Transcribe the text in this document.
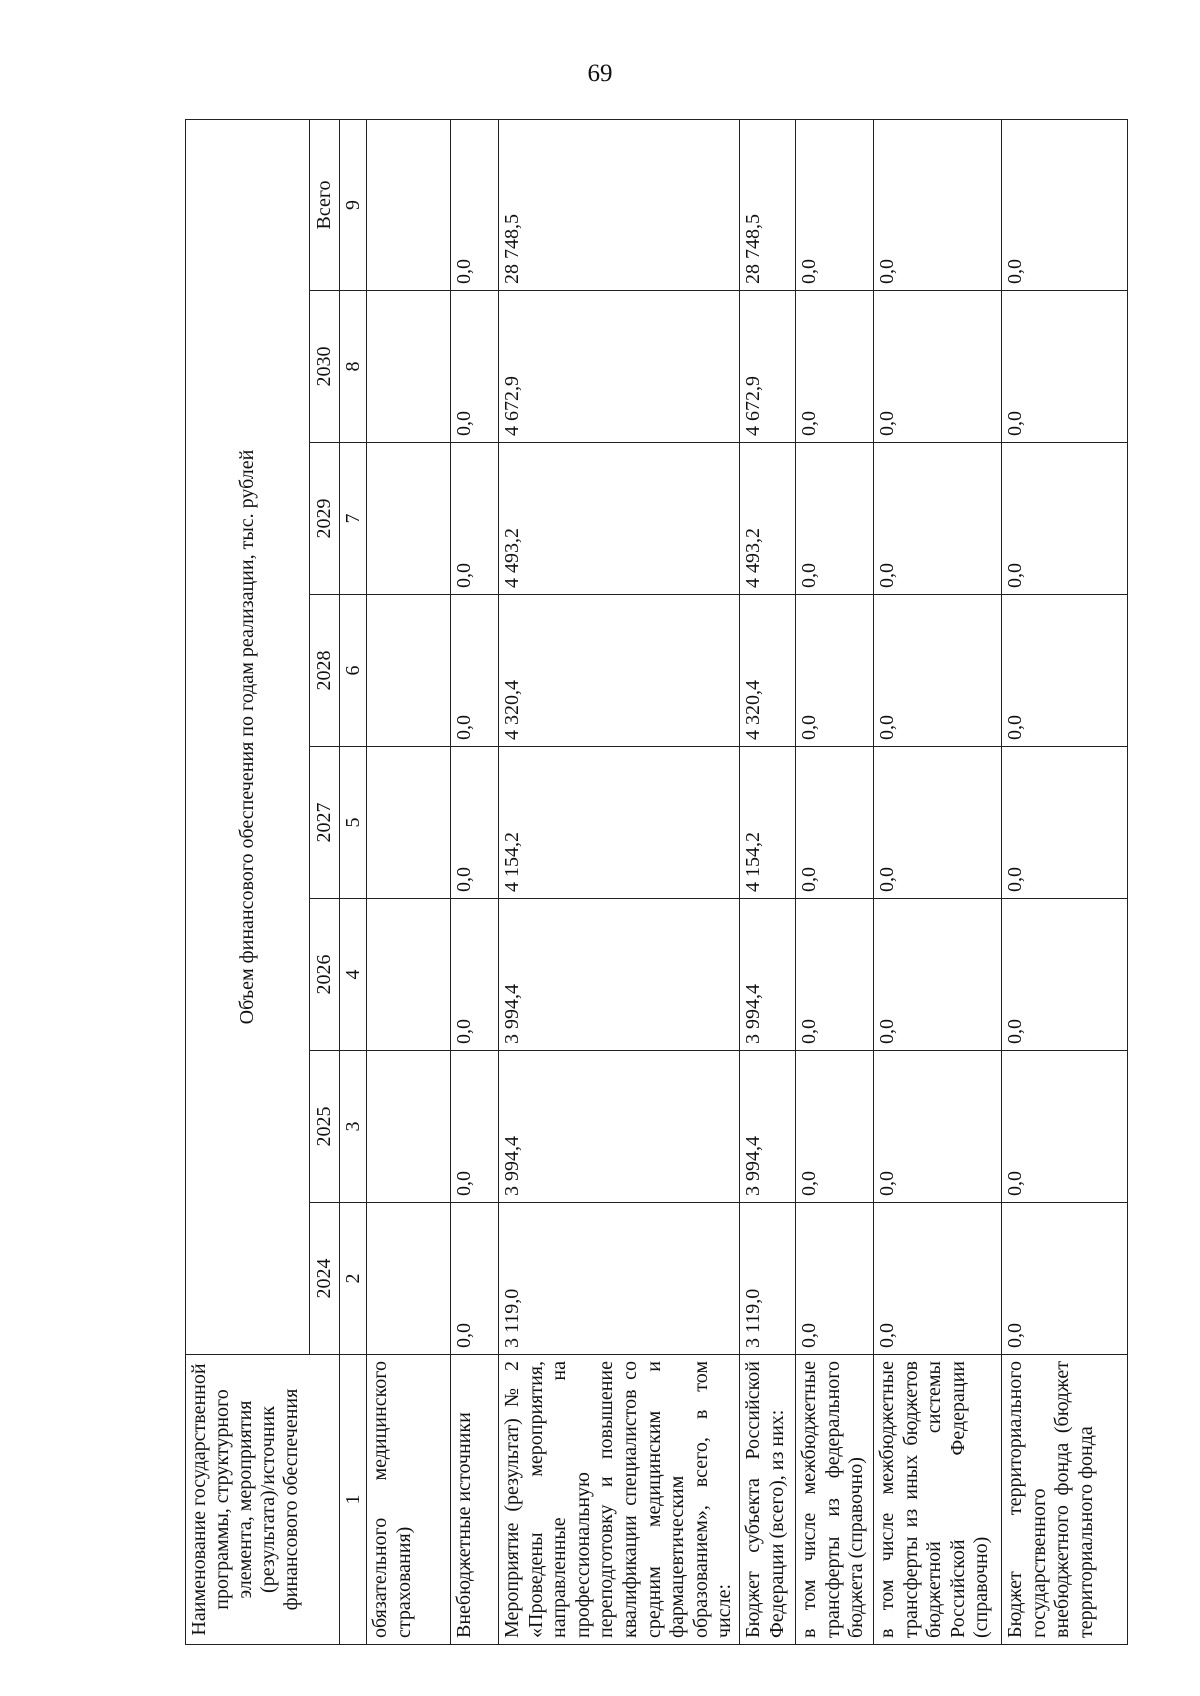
69
Наименование государственной программы, структурного элемента, мероприятия (результата)/источник финансового обеспечения	Объем финансового обеспечения по годам реализации, тыс. рублей							
	2024	2025	2026	2027	2028	2029	2030	Всего
1	2	3	4	5	6	7	8	9
обязательного медицинского страхования)								
Внебюджетные источники	0,0	0,0	0,0	0,0	0,0	0,0	0,0	0,0
Мероприятие (результат) № 2 «Проведены мероприятия, направленные на профессиональную переподготовку и повышение квалификации специалистов со средним медицинским и фармацевтическим образованием», всего, в том числе:	3 119,0	3 994,4	3 994,4	4 154,2	4 320,4	4 493,2	4 672,9	28 748,5
Бюджет субъекта Российской Федерации (всего), из них:	3 119,0	3 994,4	3 994,4	4 154,2	4 320,4	4 493,2	4 672,9	28 748,5
в том числе межбюджетные трансферты из федерального бюджета (справочно)	0,0	0,0	0,0	0,0	0,0	0,0	0,0	0,0
в том числе межбюджетные трансферты из иных бюджетов бюджетной системы Российской Федерации (справочно)	0,0	0,0	0,0	0,0	0,0	0,0	0,0	0,0
Бюджет территориального государственного внебюджетного фонда (бюджет территориального фонда	0,0	0,0	0,0	0,0	0,0	0,0	0,0	0,0
